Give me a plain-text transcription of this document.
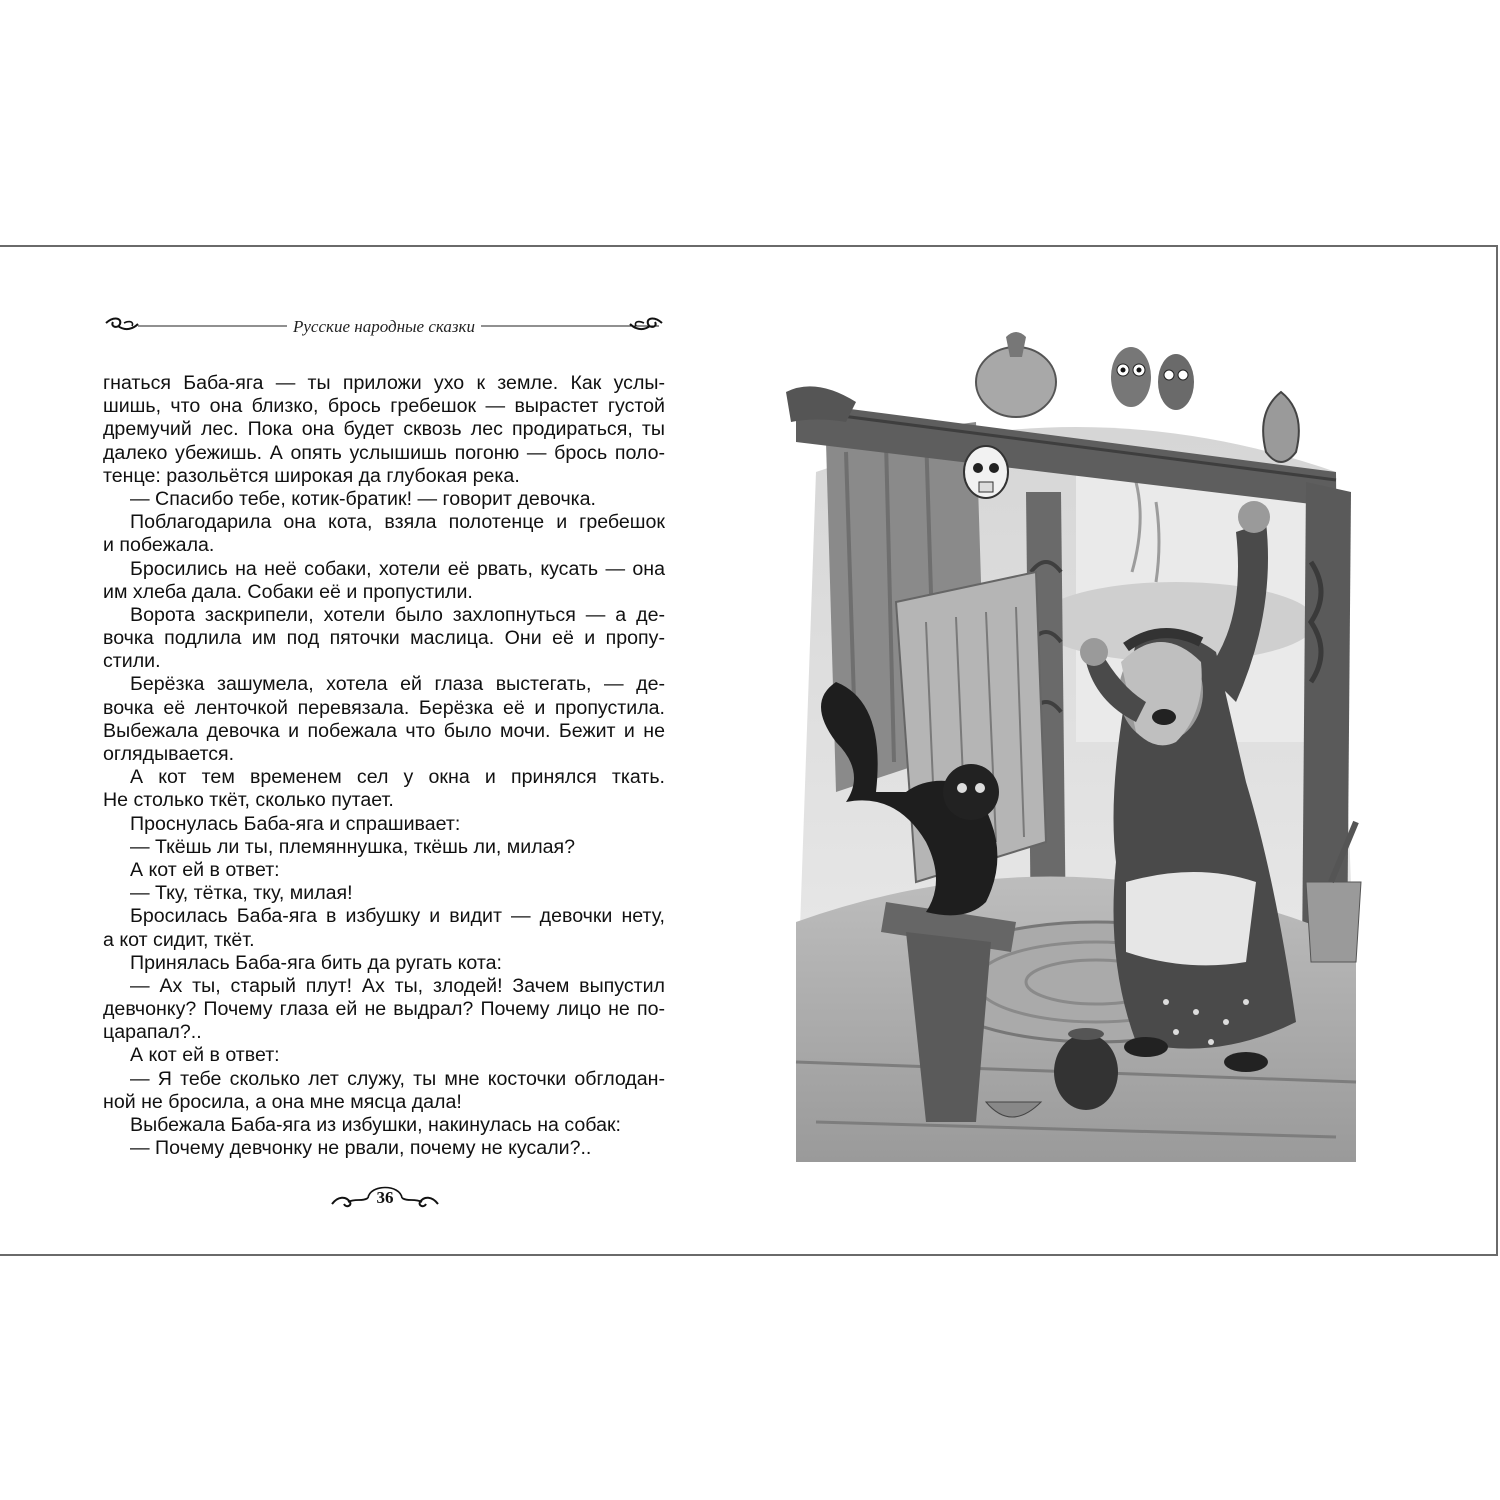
Русские народные сказки
гнаться Баба-яга — ты приложи ухо к земле. Как услы-
шишь, что она близко, брось гребешок — вырастет густой
дремучий лес. Пока она будет сквозь лес продираться, ты
далеко убежишь. А опять услышишь погоню — брось поло-
тенце: разольётся широкая да глубокая река.
— Спасибо тебе, котик-братик! — говорит девочка.
Поблагодарила она кота, взяла полотенце и гребешок
и побежала.
Бросились на неё собаки, хотели её рвать, кусать — она
им хлеба дала. Собаки её и пропустили.
Ворота заскрипели, хотели было захлопнуться — а де-
вочка подлила им под пяточки маслица. Они её и пропу-
стили.
Берёзка зашумела, хотела ей глаза выстегать, — де-
вочка её ленточкой перевязала. Берёзка её и пропустила.
Выбежала девочка и побежала что было мочи. Бежит и не
оглядывается.
А кот тем временем сел у окна и принялся ткать.
Не столько ткёт, сколько путает.
Проснулась Баба-яга и спрашивает:
— Ткёшь ли ты, племяннушка, ткёшь ли, милая?
А кот ей в ответ:
— Тку, тётка, тку, милая!
Бросилась Баба-яга в избушку и видит — девочки нету,
а кот сидит, ткёт.
Принялась Баба-яга бить да ругать кота:
— Ах ты, старый плут! Ах ты, злодей! Зачем выпустил
девчонку? Почему глаза ей не выдрал? Почему лицо не по-
царапал?..
А кот ей в ответ:
— Я тебе сколько лет служу, ты мне косточки обглодан-
ной не бросила, а она мне мясца дала!
Выбежала Баба-яга из избушки, накинулась на собак:
— Почему девчонку не рвали, почему не кусали?..
36
